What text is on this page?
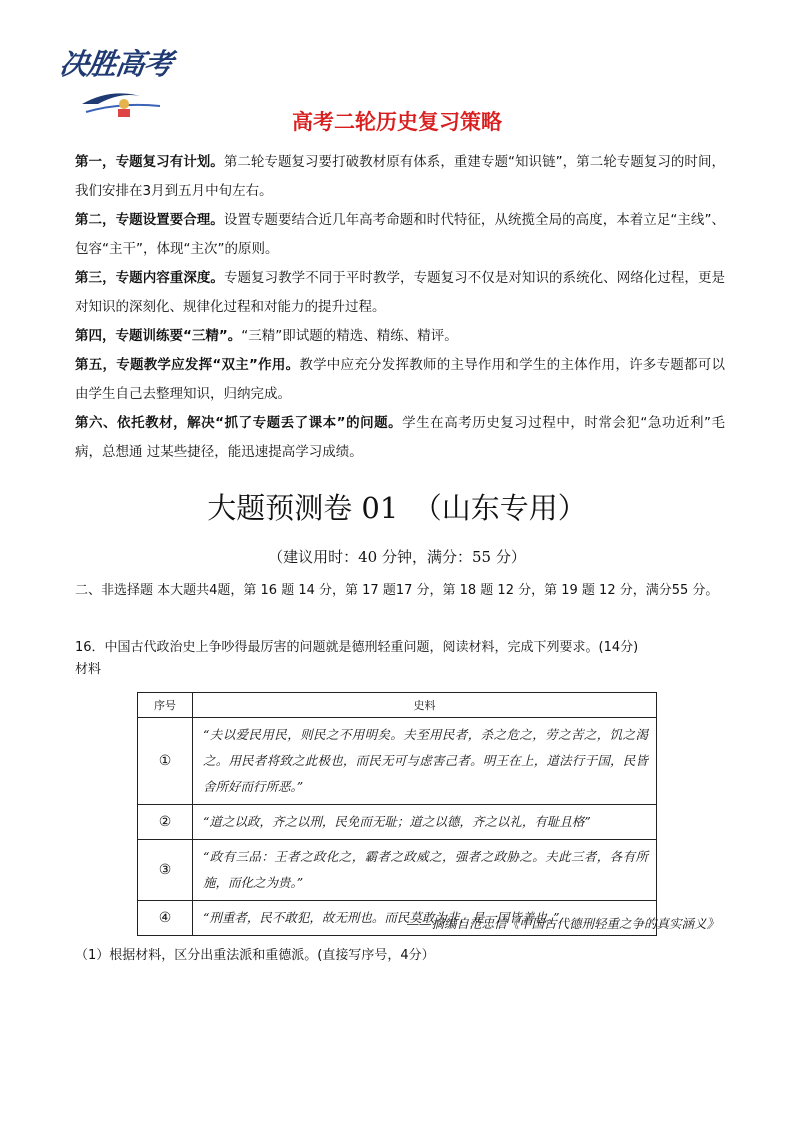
决胜高考
· · · ·
高考二轮历史复习策略

第一，专题复习有计划。第二轮专题复习要打破教材原有体系，重建专题“知识链”，第二轮专题复习的时间，我们安排在3月到五月中旬左右。

第二，专题设置要合理。设置专题要结合近几年高考命题和时代特征，从统揽全局的高度，本着立足“主线”、包容“主干”，体现“主次”的原则。

第三，专题内容重深度。专题复习教学不同于平时教学，专题复习不仅是对知识的系统化、网络化过程，更是对知识的深刻化、规律化过程和对能力的提升过程。

第四，专题训练要“三精”。“三精”即试题的精选、精练、精评。

第五，专题教学应发挥“双主”作用。教学中应充分发挥教师的主导作用和学生的主体作用，许多专题都可以由学生自己去整理知识，归纳完成。

第六、依托教材，解决“抓了专题丢了课本”的问题。学生在高考历史复习过程中，时常会犯“急功近利”毛病，总想通 过某些捷径，能迅速提高学习成绩。

大题预测卷 01　（山东专用）
（建议用时：40 分钟，满分：55 分）

二、非选择题 本大题共4题，第 16 题 14 分，第 17 题17 分，第 18 题 12 分，第 19 题 12 分，满分55 分。

16．中国古代政治史上争吵得最厉害的问题就是德刑轻重问题，阅读材料，完成下列要求。(14分)

材料

序号	史料
①	“夫以爱民用民，则民之不用明矣。夫至用民者，杀之危之，劳之苦之，饥之渴之。用民者将致之此极也，而民无可与虑害己者。明王在上，道法行于国，民皆舍所好而行所恶。”
②	“道之以政，齐之以刑，民免而无耻；道之以德，齐之以礼，有耻且格”
③	“政有三品：王者之政化之，霸者之政威之，强者之政胁之。夫此三者，各有所施，而化之为贵。”
④	“刑重者，民不敢犯，故无刑也。而民莫敢为非，是一国皆善也。”
——摘编自范忠信《中国古代德刑轻重之争的真实涵义》
（1）根据材料，区分出重法派和重德派。(直接写序号，4分）
